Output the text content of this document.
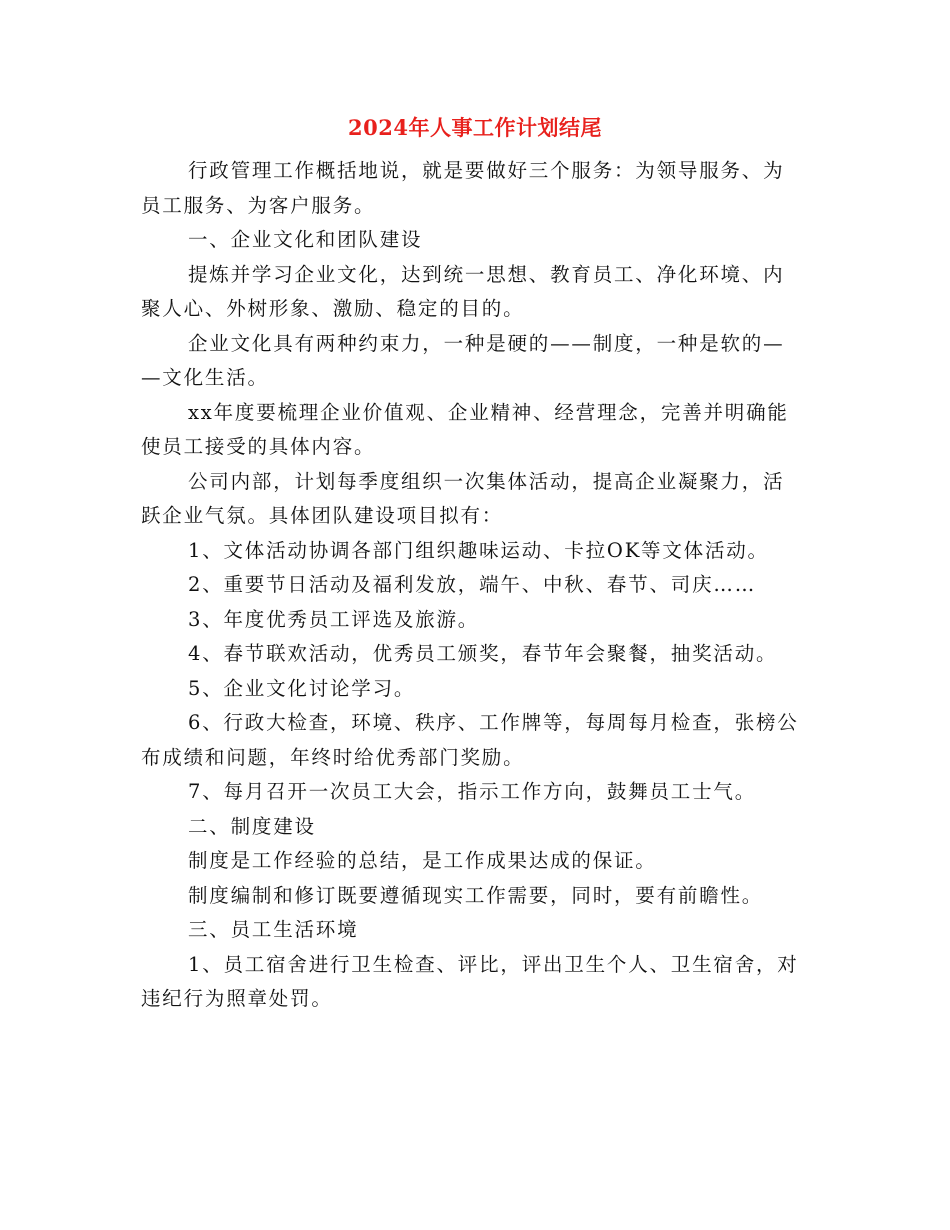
2024年人事工作计划结尾
行政管理工作概括地说，就是要做好三个服务：为领导服务、为
员工服务、为客户服务。
一、企业文化和团队建设
提炼并学习企业文化，达到统一思想、教育员工、净化环境、内
聚人心、外树形象、激励、稳定的目的。
企业文化具有两种约束力，一种是硬的——制度，一种是软的—
—文化生活。
xx年度要梳理企业价值观、企业精神、经营理念，完善并明确能
使员工接受的具体内容。
公司内部，计划每季度组织一次集体活动，提高企业凝聚力，活
跃企业气氛。具体团队建设项目拟有：
1、文体活动协调各部门组织趣味运动、卡拉OK等文体活动。
2、重要节日活动及福利发放，端午、中秋、春节、司庆……
3、年度优秀员工评选及旅游。
4、春节联欢活动，优秀员工颁奖，春节年会聚餐，抽奖活动。
5、企业文化讨论学习。
6、行政大检查，环境、秩序、工作牌等，每周每月检查，张榜公
布成绩和问题，年终时给优秀部门奖励。
7、每月召开一次员工大会，指示工作方向，鼓舞员工士气。
二、制度建设
制度是工作经验的总结，是工作成果达成的保证。
制度编制和修订既要遵循现实工作需要，同时，要有前瞻性。
三、员工生活环境
1、员工宿舍进行卫生检查、评比，评出卫生个人、卫生宿舍，对
违纪行为照章处罚。
